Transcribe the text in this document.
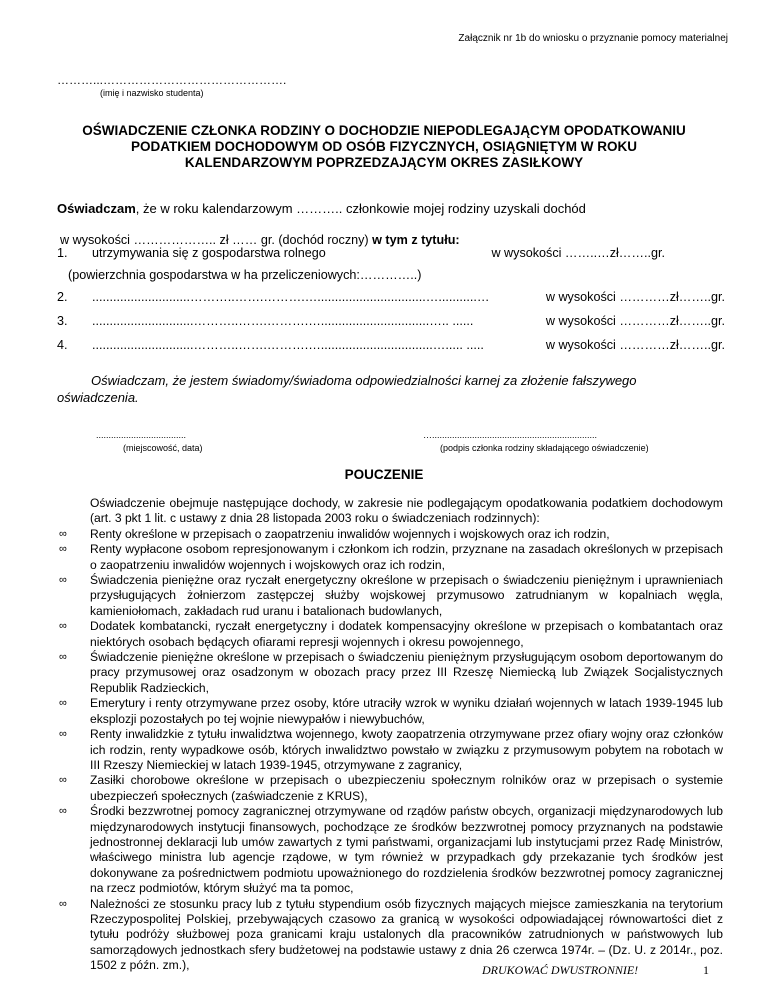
Załącznik nr 1b do wniosku o przyznanie pomocy materialnej
………...……………………………………….
(imię i nazwisko studenta)
OŚWIADCZENIE CZŁONKA RODZINY O DOCHODZIE NIEPODLEGAJĄCYM OPODATKOWANIU
PODATKIEM DOCHODOWYM OD OSÓB FIZYCZNYCH, OSIĄGNIĘTYM W ROKU
KALENDARZOWYM POPRZEDZAJĄCYM OKRES ZASIŁKOWY
Oświadczam, że w roku kalendarzowym ……….. członkowie mojej rodziny uzyskali dochód
w wysokości ……………….. zł …… gr. (dochód roczny) w tym z tytułu:
1. utrzymywania się z gospodarstwa rolnego	w wysokości ……..…zł……..gr.
(powierzchnia gospodarstwa w ha przeliczeniowych:…………..)
2. ............................………..…….……….…...............................…...........…	w wysokości …………zł……..gr.
3. .............................………..…….……….…...............................….. ......	w wysokości …………zł……..gr.
4. .............................………..…….……….…................................…..... .....	w wysokości …………zł……..gr.
Oświadczam, że jestem świadomy/świadoma odpowiedzialności karnej za złożenie fałszywego
oświadczenia.
....................................
(miejscowość, data)
…..................................................................
(podpis członka rodziny składającego oświadczenie)
POUCZENIE
Oświadczenie obejmuje następujące dochody, w zakresie nie podlegającym opodatkowania podatkiem dochodowym (art. 3 pkt 1 lit. c ustawy z dnia 28 listopada 2003 roku o świadczeniach rodzinnych):
∞ Renty określone w przepisach o zaopatrzeniu inwalidów wojennych i wojskowych oraz ich rodzin,
∞ Renty wypłacone osobom represjonowanym i członkom ich rodzin, przyznane na zasadach określonych w przepisach o zaopatrzeniu inwalidów wojennych i wojskowych oraz ich rodzin,
∞ Świadczenia pieniężne oraz ryczałt energetyczny określone w przepisach o świadczeniu pieniężnym i uprawnieniach przysługujących żołnierzom zastępczej służby wojskowej przymusowo zatrudnianym w kopalniach węgla, kamieniołomach, zakładach rud uranu i batalionach budowlanych,
∞ Dodatek kombatancki, ryczałt energetyczny i dodatek kompensacyjny określone w przepisach o kombatantach oraz niektórych osobach będących ofiarami represji wojennych i okresu powojennego,
∞ Świadczenie pieniężne określone w przepisach o świadczeniu pieniężnym przysługującym osobom deportowanym do pracy przymusowej oraz osadzonym w obozach pracy przez III Rzeszę Niemiecką lub Związek Socjalistycznych Republik Radzieckich,
∞ Emerytury i renty otrzymywane przez osoby, które utraciły wzrok w wyniku działań wojennych w latach 1939-1945 lub eksplozji pozostałych po tej wojnie niewypałów i niewybuchów,
∞ Renty inwalidzkie z tytułu inwalidztwa wojennego, kwoty zaopatrzenia otrzymywane przez ofiary wojny oraz członków ich rodzin, renty wypadkowe osób, których inwalidztwo powstało w związku z przymusowym pobytem na robotach w III Rzeszy Niemieckiej w latach 1939-1945, otrzymywane z zagranicy,
∞ Zasiłki chorobowe określone w przepisach o ubezpieczeniu społecznym rolników oraz w przepisach o systemie ubezpieczeń społecznych (zaświadczenie z KRUS),
∞ Środki bezzwrotnej pomocy zagranicznej otrzymywane od rządów państw obcych, organizacji międzynarodowych lub międzynarodowych instytucji finansowych, pochodzące ze środków bezzwrotnej pomocy przyznanych na podstawie jednostronnej deklaracji lub umów zawartych z tymi państwami, organizacjami lub instytucjami przez Radę Ministrów, właściwego ministra lub agencje rządowe, w tym również w przypadkach gdy przekazanie tych środków jest dokonywane za pośrednictwem podmiotu upoważnionego do rozdzielenia środków bezzwrotnej pomocy zagranicznej na rzecz podmiotów, którym służyć ma ta pomoc,
∞ Należności ze stosunku pracy lub z tytułu stypendium osób fizycznych mających miejsce zamieszkania na terytorium Rzeczypospolitej Polskiej, przebywających czasowo za granicą w wysokości odpowiadającej równowartości diet z tytułu podróży służbowej poza granicami kraju ustalonych dla pracowników zatrudnionych w państwowych lub samorządowych jednostkach sfery budżetowej na podstawie ustawy z dnia 26 czerwca 1974r. – (Dz. U. z 2014r., poz. 1502 z późn. zm.),	DRUKOWAĆ DWUSTRONNIE!	1
